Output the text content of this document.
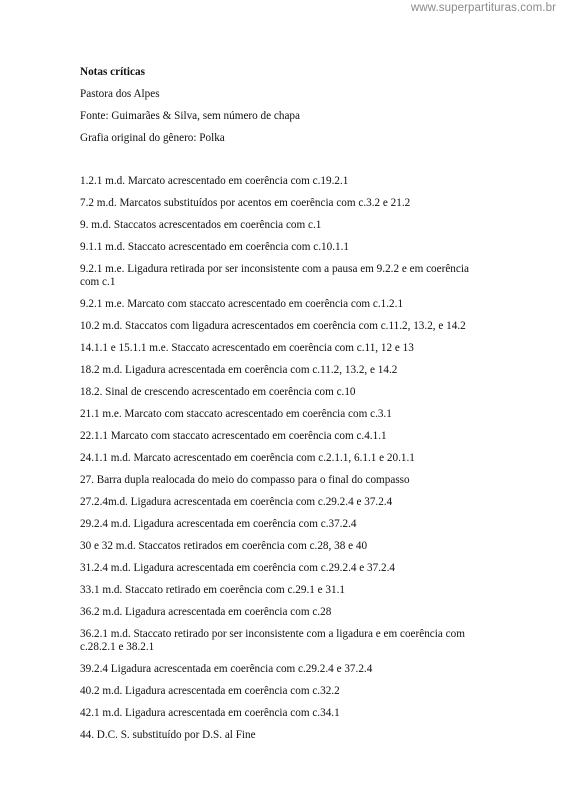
www.superpartituras.com.br
Notas críticas
Pastora dos Alpes
Fonte: Guimarães & Silva, sem número de chapa
Grafia original do gênero: Polka
1.2.1 m.d. Marcato acrescentado em coerência com c.19.2.1
7.2 m.d. Marcatos substituídos por acentos em coerência com c.3.2 e 21.2
9. m.d. Staccatos acrescentados em coerência com c.1
9.1.1 m.d. Staccato acrescentado em coerência com c.10.1.1
9.2.1 m.e. Ligadura retirada por ser inconsistente com a pausa em 9.2.2 e em coerência com c.1
9.2.1 m.e. Marcato com staccato acrescentado em coerência com c.1.2.1
10.2 m.d. Staccatos com ligadura acrescentados em coerência com c.11.2, 13.2, e 14.2
14.1.1 e 15.1.1 m.e. Staccato acrescentado em coerência com c.11, 12 e 13
18.2 m.d. Ligadura acrescentada em coerência com c.11.2, 13.2, e 14.2
18.2. Sinal de crescendo acrescentado em coerência com c.10
21.1 m.e. Marcato com staccato acrescentado em coerência com c.3.1
22.1.1 Marcato com staccato acrescentado em coerência com c.4.1.1
24.1.1 m.d. Marcato acrescentado em coerência com c.2.1.1, 6.1.1 e 20.1.1
27. Barra dupla realocada do meio do compasso para o final do compasso
27.2.4m.d. Ligadura acrescentada em coerência com c.29.2.4 e 37.2.4
29.2.4 m.d. Ligadura acrescentada em coerência com c.37.2.4
30 e 32 m.d. Staccatos retirados em coerência com c.28, 38 e 40
31.2.4 m.d. Ligadura acrescentada em coerência com c.29.2.4 e 37.2.4
33.1 m.d. Staccato retirado em coerência com c.29.1 e 31.1
36.2 m.d. Ligadura acrescentada em coerência com c.28
36.2.1 m.d. Staccato retirado por ser inconsistente com a ligadura e em coerência com c.28.2.1 e 38.2.1
39.2.4 Ligadura acrescentada em coerência com c.29.2.4 e 37.2.4
40.2 m.d. Ligadura acrescentada em coerência com c.32.2
42.1 m.d. Ligadura acrescentada em coerência com c.34.1
44. D.C. S. substituído por D.S. al Fine
